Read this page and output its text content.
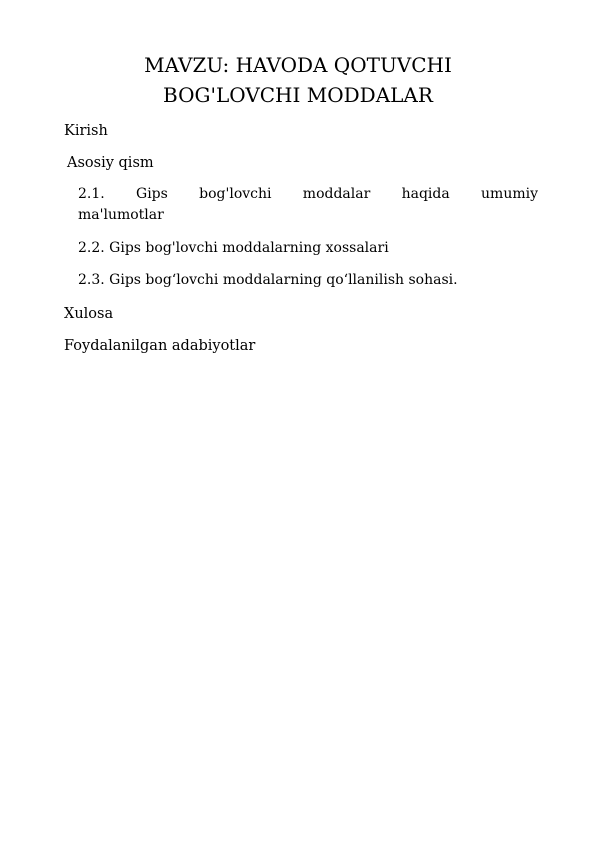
MAVZU: HAVODA QOTUVCHI
BOG'LOVCHI MODDALAR
Kirish
Asosiy qism
2.1. Gips bog'lovchi moddalar haqida umumiy
ma'lumotlar
2.2. Gips bog'lovchi moddalarning xossalari
2.3. Gips bog‘lovchi moddalarning qo‘llanilish sohasi.
Xulosa
Foydalanilgan adabiyotlar
